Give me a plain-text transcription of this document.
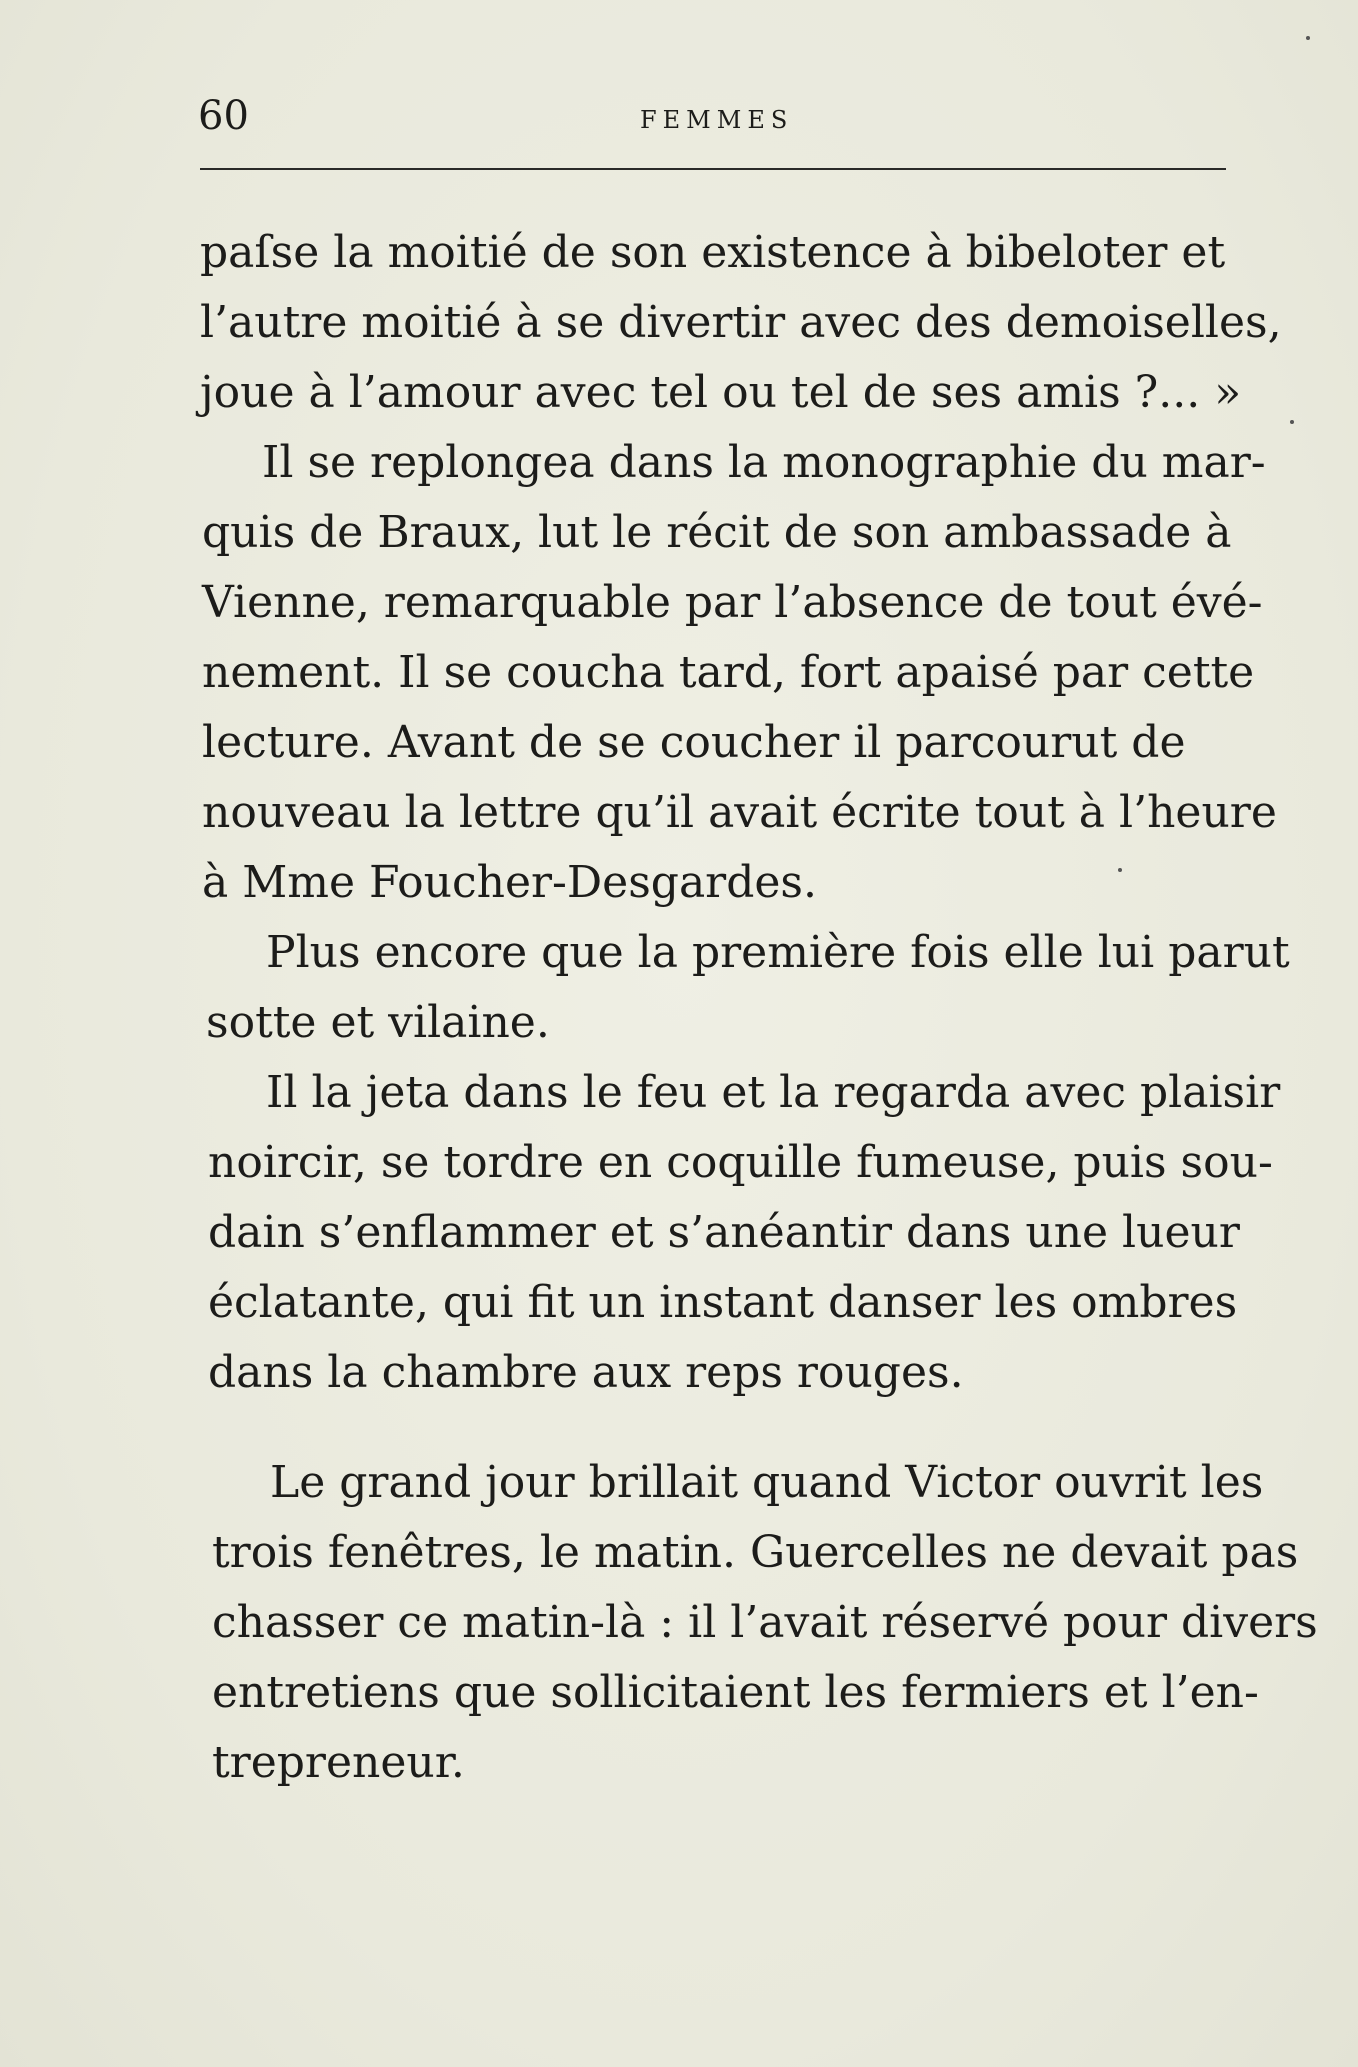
60	FEMMES
paſse la moitié de son existence à bibeloter et
l’autre moitié à se divertir avec des demoiselles,
joue à l’amour avec tel ou tel de ses amis ?... »
Il se replongea dans la monographie du mar-
quis de Braux, lut le récit de son ambassade à
Vienne, remarquable par l’absence de tout évé-
nement. Il se coucha tard, fort apaisé par cette
lecture. Avant de se coucher il parcourut de
nouveau la lettre qu’il avait écrite tout à l’heure
à Mme Foucher-Desgardes.
Plus encore que la première fois elle lui parut
sotte et vilaine.
Il la jeta dans le feu et la regarda avec plaisir
noircir, se tordre en coquille fumeuse, puis sou-
dain s’enflammer et s’anéantir dans une lueur
éclatante, qui fit un instant danser les ombres
dans la chambre aux reps rouges.
Le grand jour brillait quand Victor ouvrit les
trois fenêtres, le matin. Guercelles ne devait pas
chasser ce matin-là : il l’avait réservé pour divers
entretiens que sollicitaient les fermiers et l’en-
trepreneur.
